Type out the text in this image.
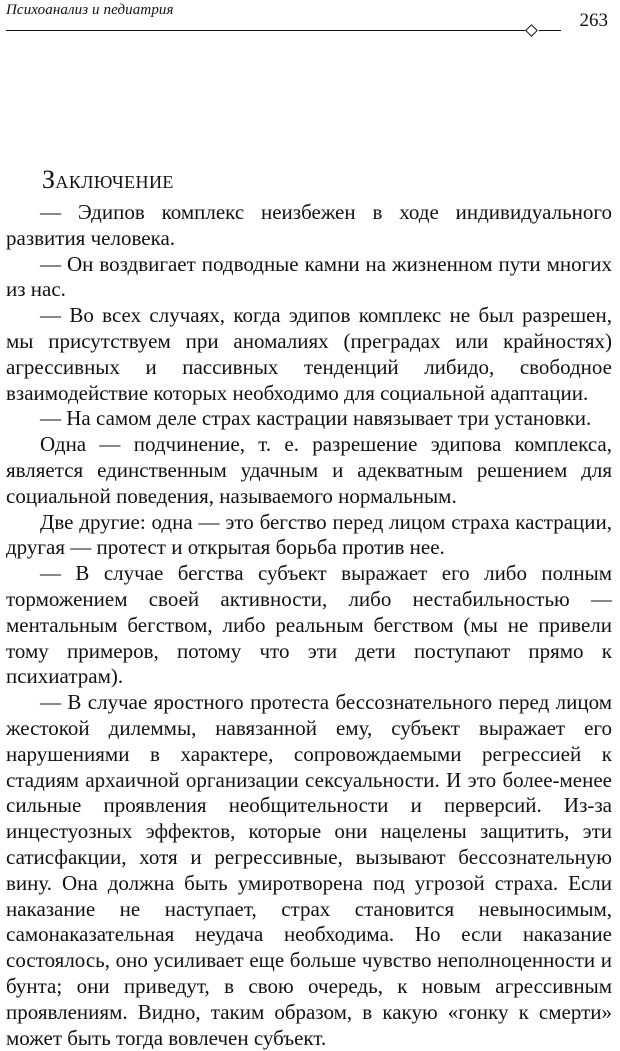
Психоанализ и педиатрия	263
Заключение

— Эдипов комплекс неизбежен в ходе индивидуального развития человека.

— Он воздвигает подводные камни на жизненном пути многих из нас.

— Во всех случаях, когда эдипов комплекс не был разрешен, мы присутствуем при аномалиях (преградах или крайностях) агрессивных и пассивных тенденций либидо, свободное взаимодействие которых необходимо для социальной адаптации.

— На самом деле страх кастрации навязывает три установки.

Одна — подчинение, т. е. разрешение эдипова комплекса, является единственным удачным и адекватным решением для социальной поведения, называемого нормальным.

Две другие: одна — это бегство перед лицом страха кастрации, другая — протест и открытая борьба против нее.

— В случае бегства субъект выражает его либо полным торможением своей активности, либо нестабильностью — ментальным бегством, либо реальным бегством (мы не привели тому примеров, потому что эти дети поступают прямо к психиатрам).

— В случае яростного протеста бессознательного перед лицом жестокой дилеммы, навязанной ему, субъект выражает его нарушениями в характере, сопровождаемыми регрессией к стадиям архаичной организации сексуальности. И это более-менее сильные проявления необщительности и перверсий. Из-за инцестуозных эффектов, которые они нацелены защитить, эти сатисфакции, хотя и регрессивные, вызывают бессознательную вину. Она должна быть умиротворена под угрозой страха. Если наказание не наступает, страх становится невыносимым, самонаказательная неудача необходима. Но если наказание состоялось, оно усиливает еще больше чувство неполноценности и бунта; они приведут, в свою очередь, к новым агрессивным проявлениям. Видно, таким образом, в какую «гонку к смерти» может быть тогда вовлечен субъект.
